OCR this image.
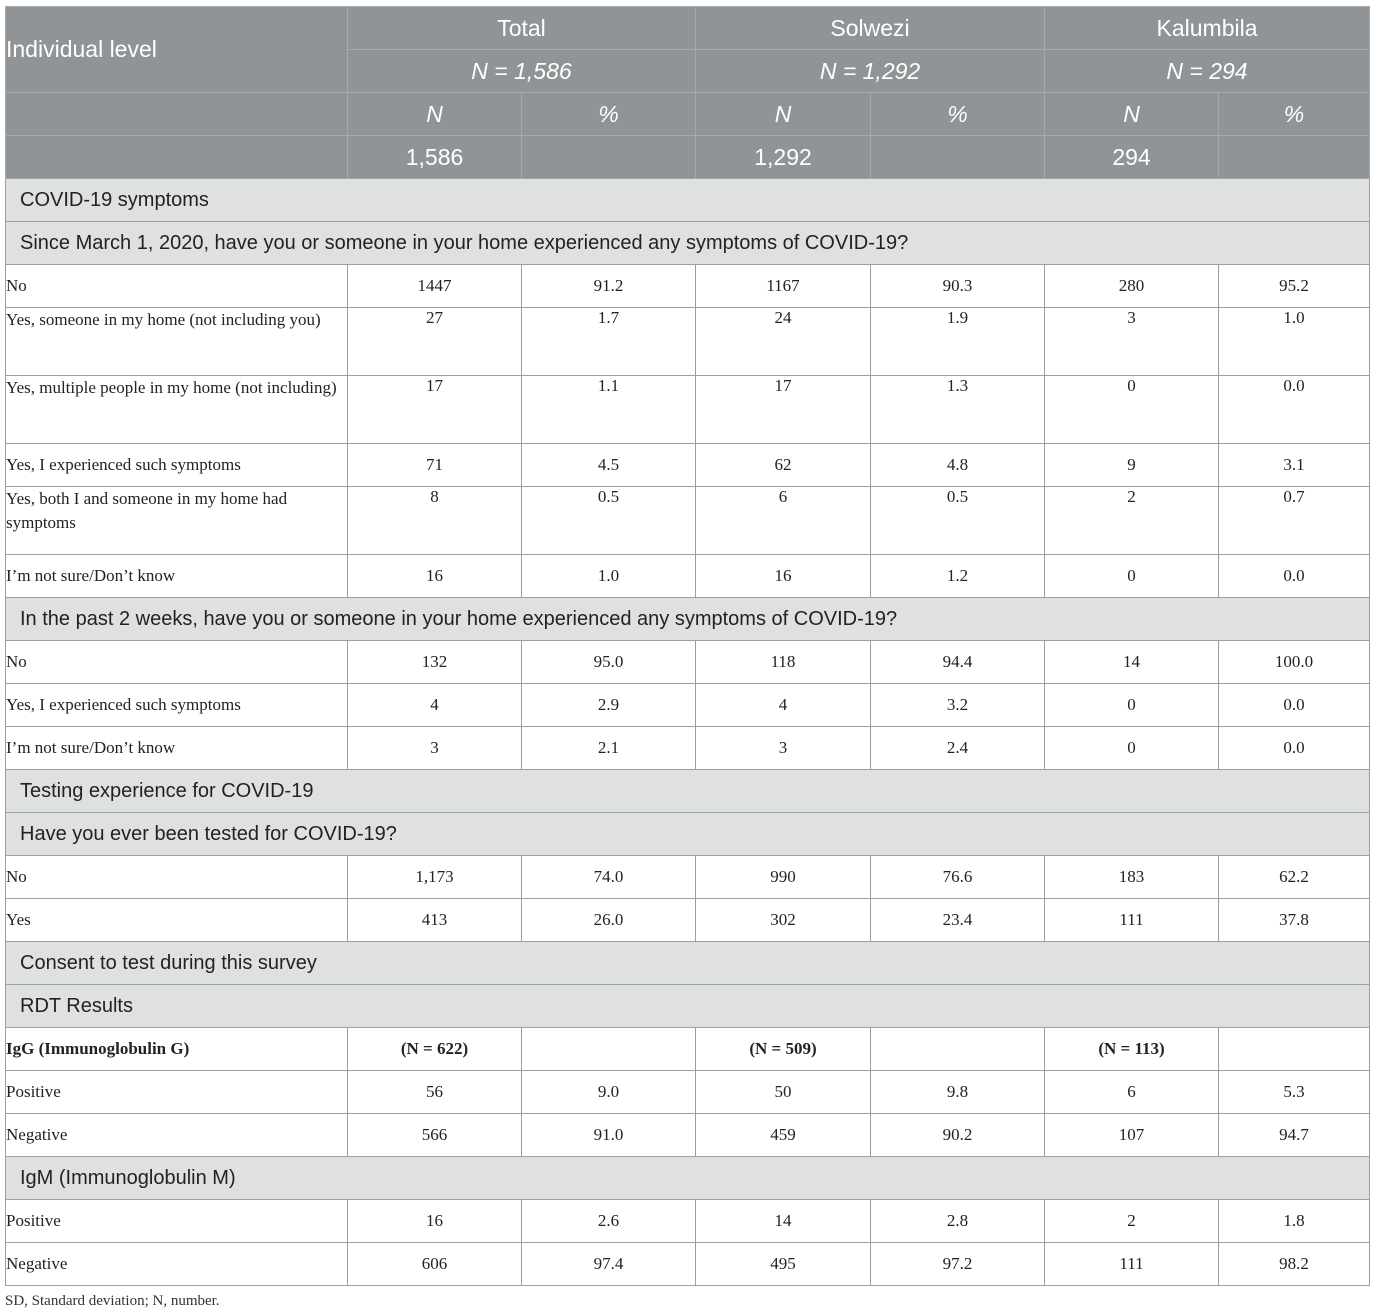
Individual level	Total		Solwezi		Kalumbila	
	N = 1,586		N = 1,292		N = 294	
	N	%	N	%	N	%
	1,586		1,292		294	
COVID-19 symptoms						
Since March 1, 2020, have you or someone in your home experienced any symptoms of COVID-19?						
No	1447	91.2	1167	90.3	280	95.2
Yes, someone in my home (not including you)	27	1.7	24	1.9	3	1.0
Yes, multiple people in my home (not including)	17	1.1	17	1.3	0	0.0
Yes, I experienced such symptoms	71	4.5	62	4.8	9	3.1
Yes, both I and someone in my home had symptoms	8	0.5	6	0.5	2	0.7
I’m not sure/Don’t know	16	1.0	16	1.2	0	0.0
In the past 2 weeks, have you or someone in your home experienced any symptoms of COVID-19?						
No	132	95.0	118	94.4	14	100.0
Yes, I experienced such symptoms	4	2.9	4	3.2	0	0.0
I’m not sure/Don’t know	3	2.1	3	2.4	0	0.0
Testing experience for COVID-19						
Have you ever been tested for COVID-19?						
No	1,173	74.0	990	76.6	183	62.2
Yes	413	26.0	302	23.4	111	37.8
Consent to test during this survey						
RDT Results						
IgG (Immunoglobulin G)	(N = 622)		(N = 509)		(N = 113)	
Positive	56	9.0	50	9.8	6	5.3
Negative	566	91.0	459	90.2	107	94.7
IgM (Immunoglobulin M)						
Positive	16	2.6	14	2.8	2	1.8
Negative	606	97.4	495	97.2	111	98.2
SD, Standard deviation; N, number.
